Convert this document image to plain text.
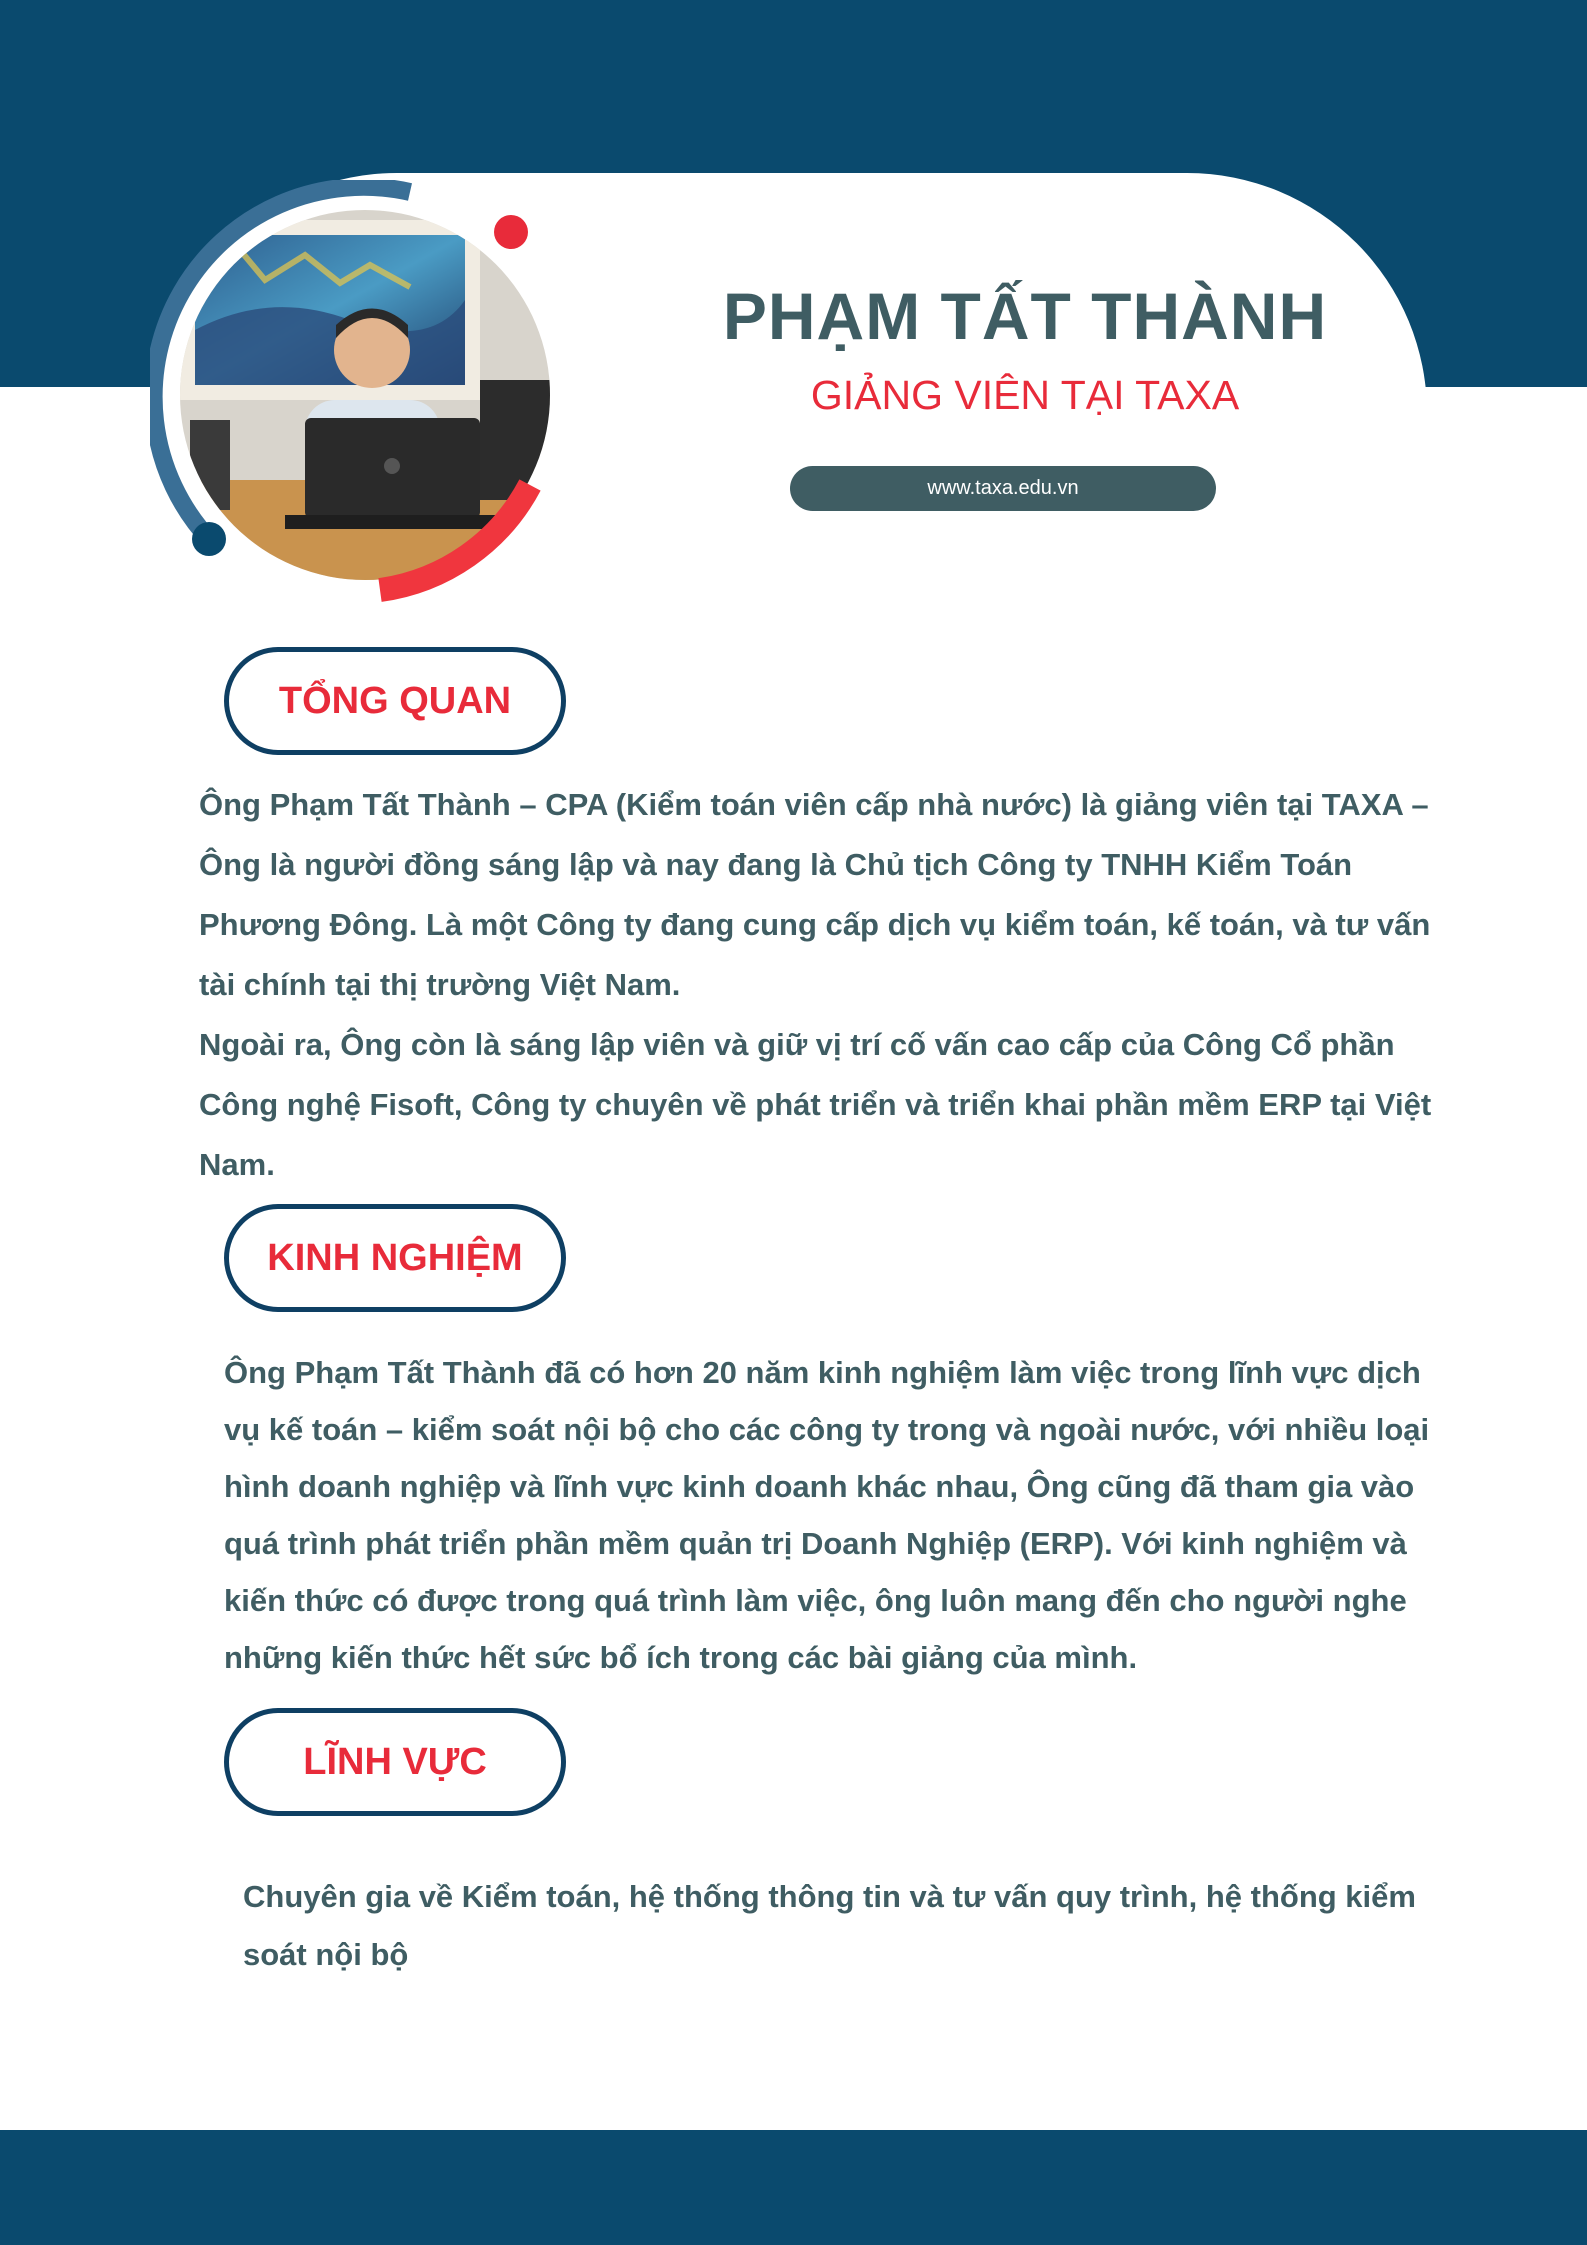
PHẠM TẤT THÀNH
GIẢNG VIÊN TẠI TAXA
www.taxa.edu.vn
TỔNG QUAN

Ông Phạm Tất Thành – CPA (Kiểm toán viên cấp nhà nước) là giảng viên tại TAXA – Ông là người đồng sáng lập và nay đang là Chủ tịch Công ty TNHH Kiểm Toán Phương Đông. Là một Công ty đang cung cấp dịch vụ kiểm toán, kế toán, và tư vấn tài chính tại thị trường Việt Nam.

Ngoài ra, Ông còn là sáng lập viên và giữ vị trí cố vấn cao cấp của Công Cổ phần Công nghệ Fisoft, Công ty chuyên về phát triển và triển khai phần mềm ERP tại Việt Nam.

KINH NGHIỆM

Ông Phạm Tất Thành đã có hơn 20 năm kinh nghiệm làm việc trong lĩnh vực dịch vụ kế toán – kiểm soát nội bộ cho các công ty trong và ngoài nước, với nhiều loại hình doanh nghiệp và lĩnh vực kinh doanh khác nhau, Ông cũng đã tham gia vào quá trình phát triển phần mềm quản trị Doanh Nghiệp (ERP). Với kinh nghiệm và kiến thức có được trong quá trình làm việc, ông luôn mang đến cho người nghe những kiến thức hết sức bổ ích trong các bài giảng của mình.

LĨNH VỰC

Chuyên gia về Kiểm toán, hệ thống thông tin và tư vấn quy trình, hệ thống kiểm soát nội bộ
